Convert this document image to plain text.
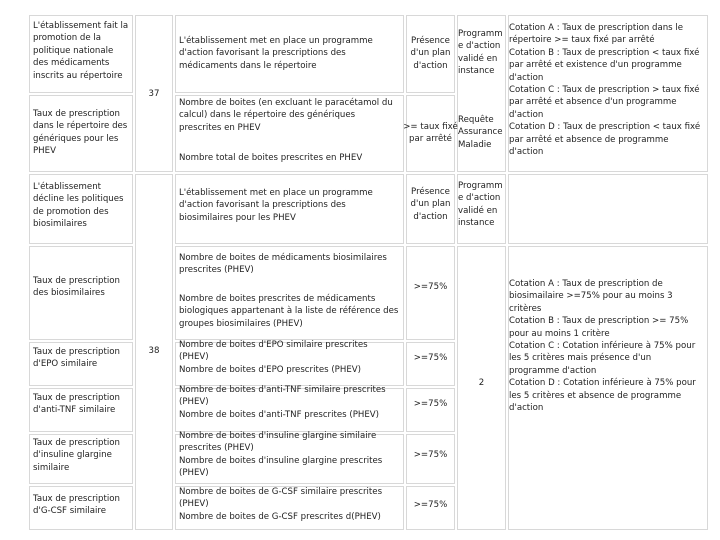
L'établissement fait la
promotion de la
politique nationale
des médicaments
inscrits au répertoire
Taux de prescription
dans le répertoire des
génériques pour les
PHEV
L'établissement
décline les politiques
de promotion des
biosimilaires
Taux de prescription
des biosimilaires
Taux de prescription
d'EPO similaire
Taux de prescription
d'anti-TNF similaire
Taux de prescription
d'insuline glargine
similaire
Taux de prescription
d'G-CSF similaire
37
38
2
L'établissement met en place un programme
d'action favorisant la prescriptions des
médicaments dans le répertoire
Nombre de boites (en excluant le paracétamol du
calcul) dans le répertoire des génériques
prescrites en PHEV
Nombre total de boites prescrites en PHEV
L'établissement met en place un programme
d'action favorisant la prescriptions des
biosimilaires pour les PHEV
Nombre de boites de médicaments biosimilaires
prescrites (PHEV)
Nombre de boites prescrites de médicaments
biologiques appartenant à la liste de référence des
groupes biosimilaires (PHEV)
Nombre de boites d'EPO similaire prescrites
(PHEV)
Nombre de boites d'EPO prescrites (PHEV)
Nombre de boites d'anti-TNF similaire prescrites
(PHEV)
Nombre de boites d'anti-TNF prescrites (PHEV)
Nombre de boites d'insuline glargine similaire
prescrites (PHEV)
Nombre de boites d'insuline glargine prescrites
(PHEV)
Nombre de boites de G-CSF similaire prescrites
(PHEV)
Nombre de boites de G-CSF prescrites d(PHEV)
Présence
d'un plan
d'action
>= taux fixé
par arrêté
Présence
d'un plan
d'action
>=75%
>=75%
>=75%
>=75%
>=75%
Programm
e d'action
validé en
instance
Requête
Assurance
Maladie
Programm
e d'action
validé en
instance
Cotation A : Taux de prescription dans le
répertoire >= taux fixé par arrêté
Cotation B : Taux de prescription < taux fixé
par arrêté et existence d'un programme
d'action
Cotation C : Taux de prescription > taux fixé
par arrêté et absence d'un programme
d'action
Cotation D : Taux de prescription < taux fixé
par arrêté et absence de programme
d'action
Cotation A : Taux de prescription de
biosimailaire >=75% pour au moins 3
critères
Cotation B : Taux de prescription >= 75%
pour au moins 1 critère
Cotation C : Cotation inférieure à 75% pour
les 5 critères mais présence d'un
programme d'action
Cotation D : Cotation inférieure à 75% pour
les 5 critères et absence de programme
d'action
